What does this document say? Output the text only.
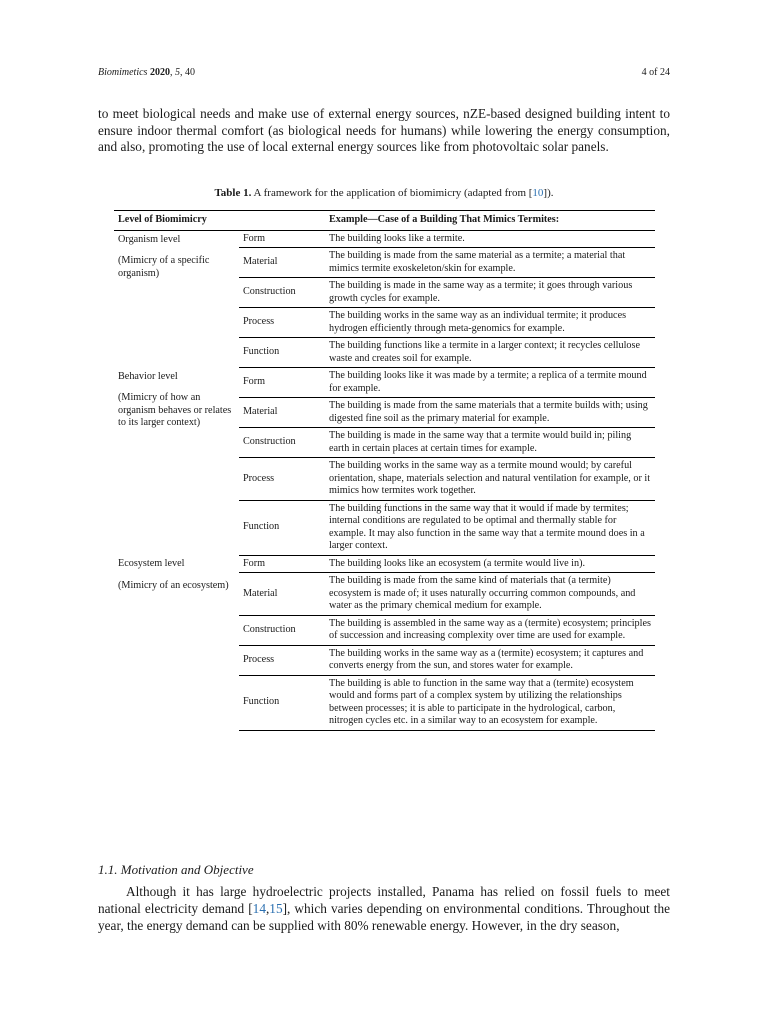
Biomimetics 2020, 5, 40	4 of 24

to meet biological needs and make use of external energy sources, nZE-based designed building intent to ensure indoor thermal comfort (as biological needs for humans) while lowering the energy consumption, and also, promoting the use of local external energy sources like from photovoltaic solar panels.

Table 1. A framework for the application of biomimicry (adapted from [10]).
Level of Biomimicry		Example—Case of a Building That Mimics Termites:

Organism level
(Mimicry of a specific organism)	Form	The building looks like a termite.
	Material	The building is made from the same material as a termite; a material that mimics termite exoskeleton/skin for example.
	Construction	The building is made in the same way as a termite; it goes through various growth cycles for example.
	Process	The building works in the same way as an individual termite; it produces hydrogen efficiently through meta-genomics for example.
	Function	The building functions like a termite in a larger context; it recycles cellulose waste and creates soil for example.

Behavior level
(Mimicry of how an organism behaves or relates to its larger context)	Form	The building looks like it was made by a termite; a replica of a termite mound for example.
	Material	The building is made from the same materials that a termite builds with; using digested fine soil as the primary material for example.
	Construction	The building is made in the same way that a termite would build in; piling earth in certain places at certain times for example.
	Process	The building works in the same way as a termite mound would; by careful orientation, shape, materials selection and natural ventilation for example, or it mimics how termites work together.
	Function	The building functions in the same way that it would if made by termites; internal conditions are regulated to be optimal and thermally stable for example. It may also function in the same way that a termite mound does in a larger context.

Ecosystem level
(Mimicry of an ecosystem)	Form	The building looks like an ecosystem (a termite would live in).
	Material	The building is made from the same kind of materials that (a termite) ecosystem is made of; it uses naturally occurring common compounds, and water as the primary chemical medium for example.
	Construction	The building is assembled in the same way as a (termite) ecosystem; principles of succession and increasing complexity over time are used for example.
	Process	The building works in the same way as a (termite) ecosystem; it captures and converts energy from the sun, and stores water for example.
	Function	The building is able to function in the same way that a (termite) ecosystem would and forms part of a complex system by utilizing the relationships between processes; it is able to participate in the hydrological, carbon, nitrogen cycles etc. in a similar way to an ecosystem for example.
1.1. Motivation and Objective

Although it has large hydroelectric projects installed, Panama has relied on fossil fuels to meet national electricity demand [14,15], which varies depending on environmental conditions. Throughout the year, the energy demand can be supplied with 80% renewable energy. However, in the dry season,
